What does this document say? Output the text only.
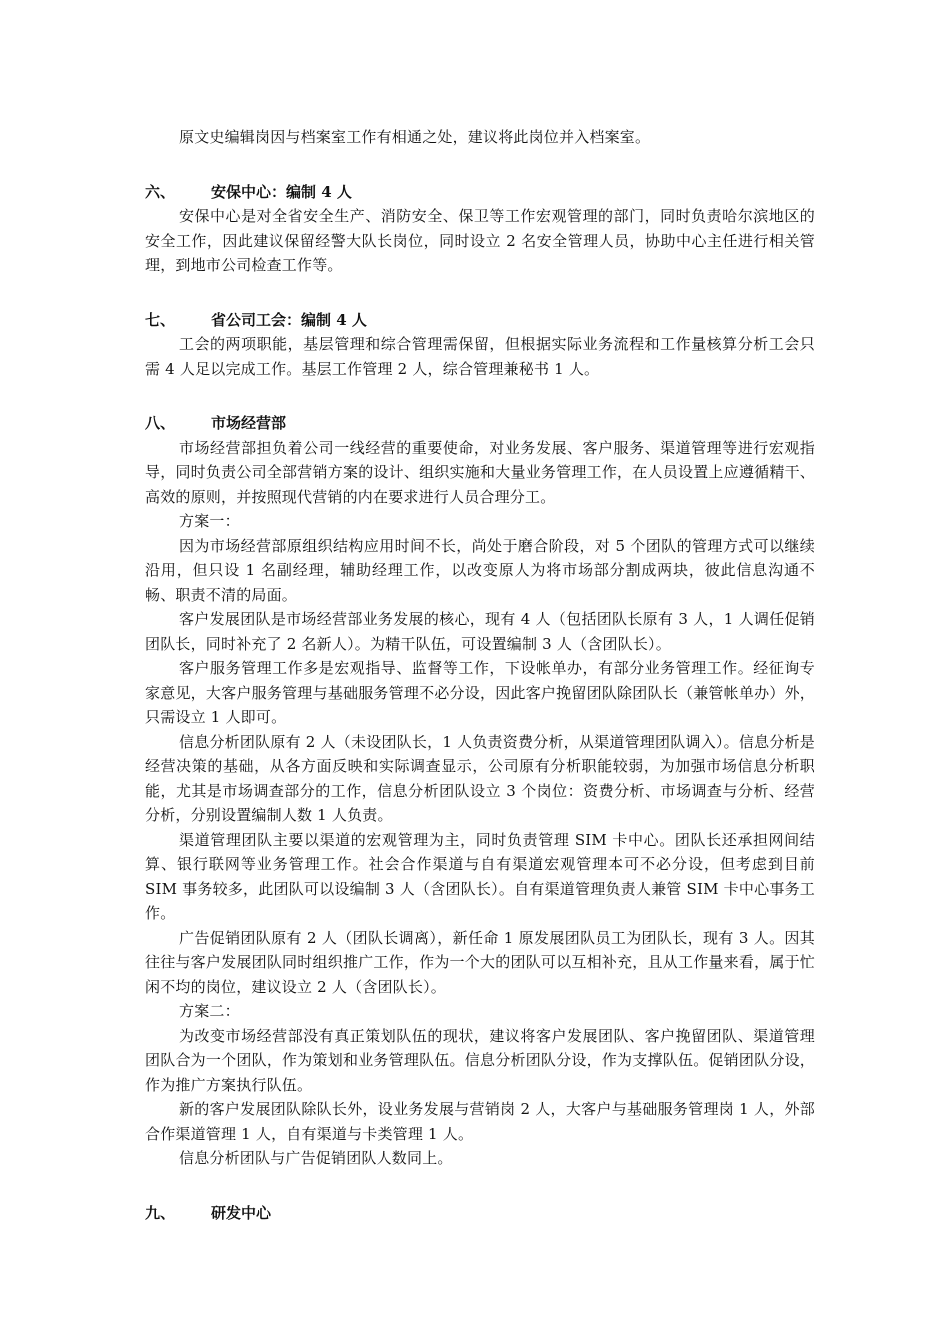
原文史编辑岗因与档案室工作有相通之处，建议将此岗位并入档案室。

六、	安保中心：编制 4 人

安保中心是对全省安全生产、消防安全、保卫等工作宏观管理的部门，同时负责哈尔滨地区的安全工作，因此建议保留经警大队长岗位，同时设立 2 名安全管理人员，协助中心主任进行相关管理，到地市公司检查工作等。

七、	省公司工会：编制 4 人

工会的两项职能，基层管理和综合管理需保留，但根据实际业务流程和工作量核算分析工会只需 4 人足以完成工作。基层工作管理 2 人，综合管理兼秘书 1 人。

八、	市场经营部

市场经营部担负着公司一线经营的重要使命，对业务发展、客户服务、渠道管理等进行宏观指导，同时负责公司全部营销方案的设计、组织实施和大量业务管理工作，在人员设置上应遵循精干、高效的原则，并按照现代营销的内在要求进行人员合理分工。

方案一：

因为市场经营部原组织结构应用时间不长，尚处于磨合阶段，对 5 个团队的管理方式可以继续沿用，但只设 1 名副经理，辅助经理工作，以改变原人为将市场部分割成两块，彼此信息沟通不畅、职责不清的局面。

客户发展团队是市场经营部业务发展的核心，现有 4 人（包括团队长原有 3 人，1 人调任促销团队长，同时补充了 2 名新人）。为精干队伍，可设置编制 3 人（含团队长）。

客户服务管理工作多是宏观指导、监督等工作，下设帐单办，有部分业务管理工作。经征询专家意见，大客户服务管理与基础服务管理不必分设，因此客户挽留团队除团队长（兼管帐单办）外，只需设立 1 人即可。

信息分析团队原有 2 人（未设团队长，1 人负责资费分析，从渠道管理团队调入）。信息分析是经营决策的基础，从各方面反映和实际调查显示，公司原有分析职能较弱，为加强市场信息分析职能，尤其是市场调查部分的工作，信息分析团队设立 3 个岗位：资费分析、市场调查与分析、经营分析，分别设置编制人数 1 人负责。

渠道管理团队主要以渠道的宏观管理为主，同时负责管理 SIM 卡中心。团队长还承担网间结算、银行联网等业务管理工作。社会合作渠道与自有渠道宏观管理本可不必分设，但考虑到目前 SIM 事务较多，此团队可以设编制 3 人（含团队长）。自有渠道管理负责人兼管 SIM 卡中心事务工作。

广告促销团队原有 2 人（团队长调离），新任命 1 原发展团队员工为团队长，现有 3 人。因其往往与客户发展团队同时组织推广工作，作为一个大的团队可以互相补充，且从工作量来看，属于忙闲不均的岗位，建议设立 2 人（含团队长）。

方案二：

为改变市场经营部没有真正策划队伍的现状，建议将客户发展团队、客户挽留团队、渠道管理团队合为一个团队，作为策划和业务管理队伍。信息分析团队分设，作为支撑队伍。促销团队分设，作为推广方案执行队伍。

新的客户发展团队除队长外，设业务发展与营销岗 2 人，大客户与基础服务管理岗 1 人，外部合作渠道管理 1 人，自有渠道与卡类管理 1 人。

信息分析团队与广告促销团队人数同上。

九、	研发中心
